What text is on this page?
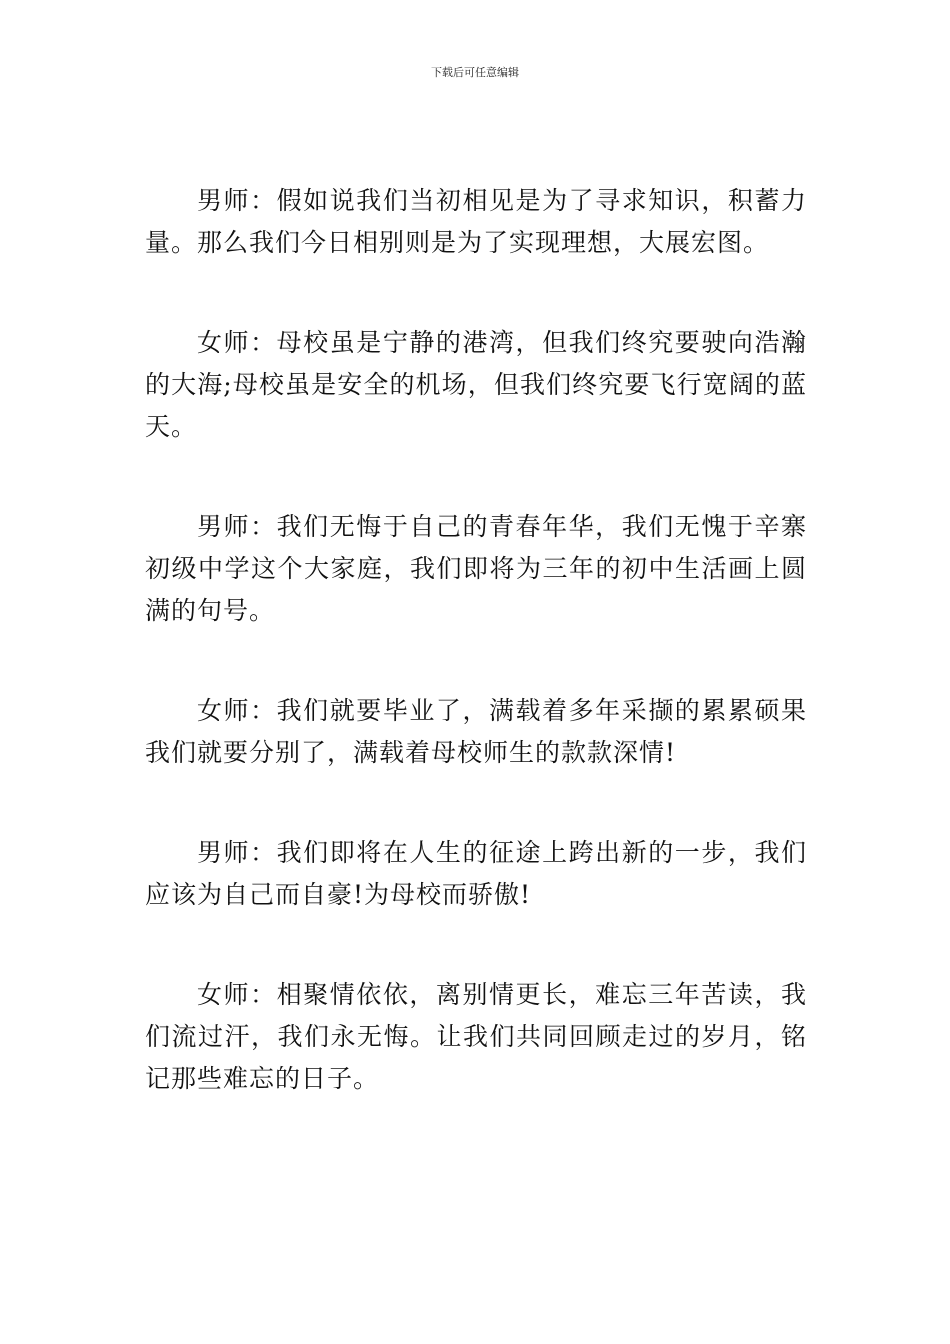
下载后可任意编辑

男师：假如说我们当初相见是为了寻求知识，积蓄力量。那么我们今日相别则是为了实现理想，大展宏图。

女师：母校虽是宁静的港湾，但我们终究要驶向浩瀚的大海;母校虽是安全的机场，但我们终究要飞行宽阔的蓝天。

男师：我们无悔于自己的青春年华，我们无愧于辛寨初级中学这个大家庭，我们即将为三年的初中生活画上圆满的句号。

女师：我们就要毕业了，满载着多年采撷的累累硕果我们就要分别了，满载着母校师生的款款深情!

男师：我们即将在人生的征途上跨出新的一步，我们应该为自己而自豪!为母校而骄傲!

女师：相聚情依依，离别情更长，难忘三年苦读，我们流过汗，我们永无悔。让我们共同回顾走过的岁月，铭记那些难忘的日子。
